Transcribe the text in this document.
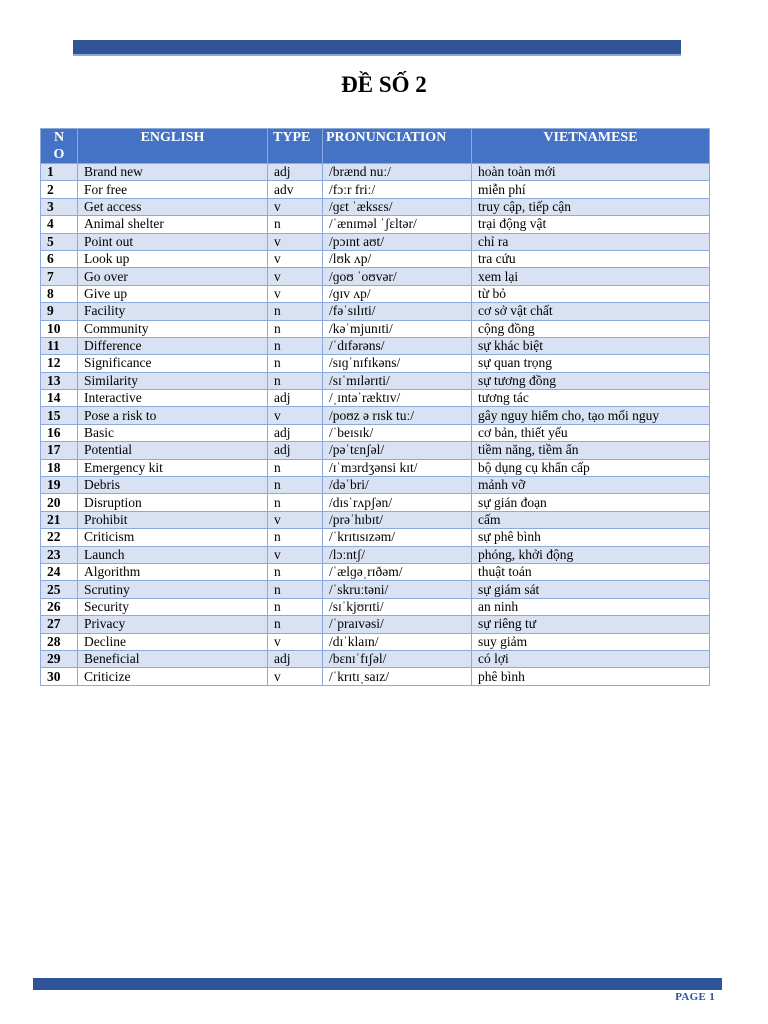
ĐỀ SỐ 2
N O	ENGLISH	TYPE	PRONUNCIATION	VIETNAMESE
1	Brand new	adj	/brænd nuː/	hoàn toàn mới
2	For free	adv	/fɔːr friː/	miễn phí
3	Get access	v	/ɡɛt ˈæksɛs/	truy cập, tiếp cận
4	Animal shelter	n	/ˈænɪməl ˈʃɛltər/	trại động vật
5	Point out	v	/pɔɪnt aʊt/	chỉ ra
6	Look up	v	/lʊk ʌp/	tra cứu
7	Go over	v	/ɡoʊ ˈoʊvər/	xem lại
8	Give up	v	/ɡɪv ʌp/	từ bỏ
9	Facility	n	/fəˈsɪlɪti/	cơ sở vật chất
10	Community	n	/kəˈmjunɪti/	cộng đồng
11	Difference	n	/ˈdɪfərəns/	sự khác biệt
12	Significance	n	/sɪɡˈnɪfɪkəns/	sự quan trọng
13	Similarity	n	/sɪˈmɪlərɪti/	sự tương đồng
14	Interactive	adj	/ˌɪntəˈræktɪv/	tương tác
15	Pose a risk to	v	/poʊz ə rɪsk tuː/	gây nguy hiểm cho, tạo mối nguy
16	Basic	adj	/ˈbeɪsɪk/	cơ bản, thiết yếu
17	Potential	adj	/pəˈtɛnʃəl/	tiềm năng, tiềm ẩn
18	Emergency kit	n	/ɪˈmɜrdʒənsi kɪt/	bộ dụng cụ khẩn cấp
19	Debris	n	/dəˈbri/	mảnh vỡ
20	Disruption	n	/dɪsˈrʌpʃən/	sự gián đoạn
21	Prohibit	v	/prəˈhɪbɪt/	cấm
22	Criticism	n	/ˈkrɪtɪsɪzəm/	sự phê bình
23	Launch	v	/lɔːntʃ/	phóng, khởi động
24	Algorithm	n	/ˈælɡəˌrɪðəm/	thuật toán
25	Scrutiny	n	/ˈskruːtəni/	sự giám sát
26	Security	n	/sɪˈkjʊrɪti/	an ninh
27	Privacy	n	/ˈpraɪvəsi/	sự riêng tư
28	Decline	v	/dɪˈklaɪn/	suy giảm
29	Beneficial	adj	/bɛnɪˈfɪʃəl/	có lợi
30	Criticize	v	/ˈkrɪtɪˌsaɪz/	phê bình
PAGE 1
